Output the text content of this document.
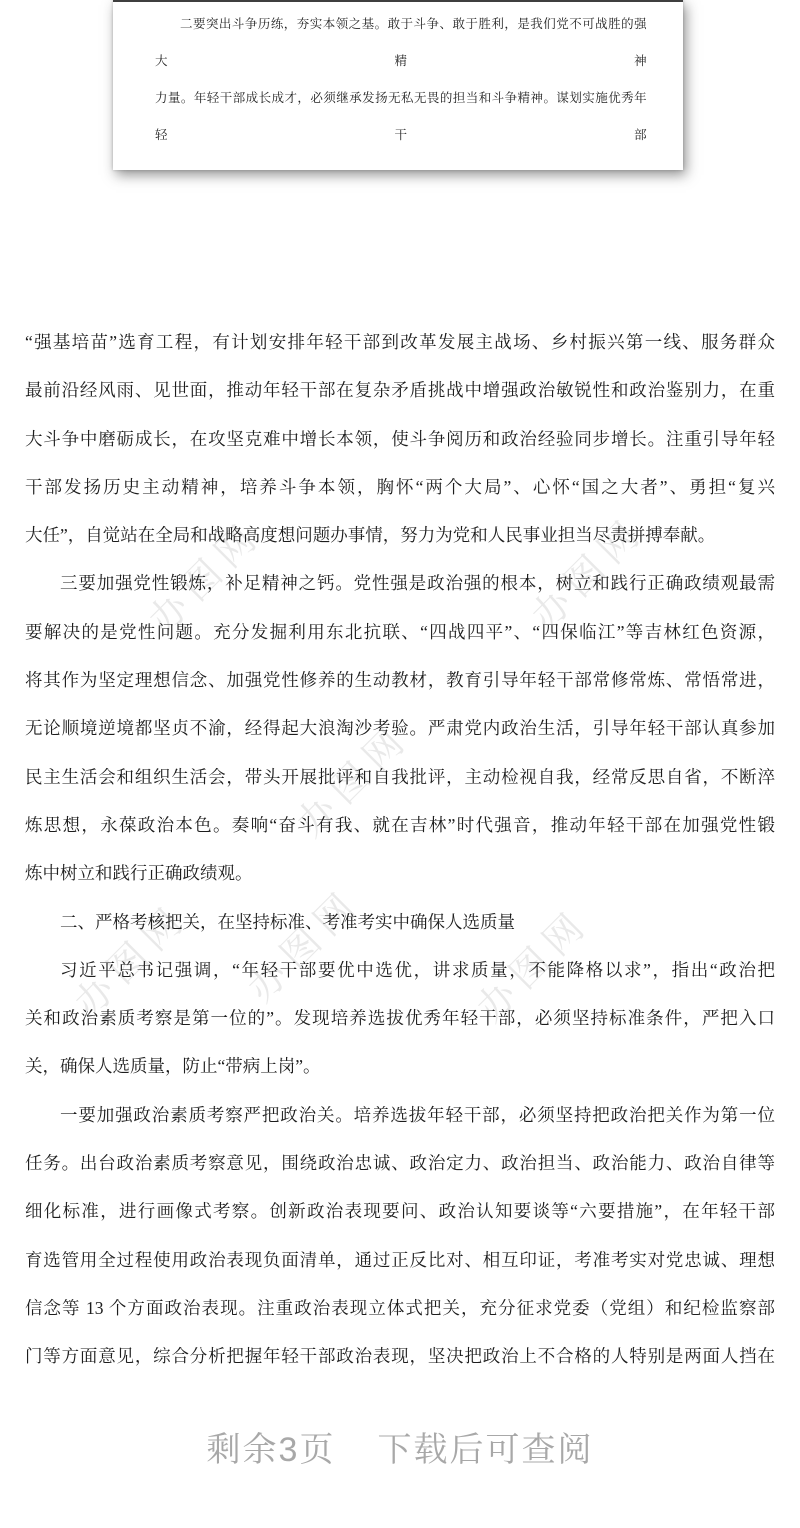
二要突出斗争历练，夯实本领之基。敢于斗争、敢于胜利，是我们党不可战胜的强大精神
力量。年轻干部成长成才，必须继承发扬无私无畏的担当和斗争精神。谋划实施优秀年轻干部
办图网	办图网
办图网
办图网 办图网	办图网
“强基培苗”选育工程，有计划安排年轻干部到改革发展主战场、乡村振兴第一线、服务群众
最前沿经风雨、见世面，推动年轻干部在复杂矛盾挑战中增强政治敏锐性和政治鉴别力，在重
大斗争中磨砺成长，在攻坚克难中增长本领，使斗争阅历和政治经验同步增长。注重引导年轻
干部发扬历史主动精神，培养斗争本领，胸怀“两个大局”、心怀“国之大者”、勇担“复兴
大任”，自觉站在全局和战略高度想问题办事情，努力为党和人民事业担当尽责拼搏奉献。
三要加强党性锻炼，补足精神之钙。党性强是政治强的根本，树立和践行正确政绩观最需
要解决的是党性问题。充分发掘利用东北抗联、“四战四平”、“四保临江”等吉林红色资源，
将其作为坚定理想信念、加强党性修养的生动教材，教育引导年轻干部常修常炼、常悟常进，
无论顺境逆境都坚贞不渝，经得起大浪淘沙考验。严肃党内政治生活，引导年轻干部认真参加
民主生活会和组织生活会，带头开展批评和自我批评，主动检视自我，经常反思自省，不断淬
炼思想，永葆政治本色。奏响“奋斗有我、就在吉林”时代强音，推动年轻干部在加强党性锻
炼中树立和践行正确政绩观。
二、严格考核把关，在坚持标准、考准考实中确保人选质量
习近平总书记强调，“年轻干部要优中选优，讲求质量，不能降格以求”，指出“政治把
关和政治素质考察是第一位的”。发现培养选拔优秀年轻干部，必须坚持标准条件，严把入口
关，确保人选质量，防止“带病上岗”。
一要加强政治素质考察严把政治关。培养选拔年轻干部，必须坚持把政治把关作为第一位
任务。出台政治素质考察意见，围绕政治忠诚、政治定力、政治担当、政治能力、政治自律等
细化标准，进行画像式考察。创新政治表现要问、政治认知要谈等“六要措施”，在年轻干部
育选管用全过程使用政治表现负面清单，通过正反比对、相互印证，考准考实对党忠诚、理想
信念等 13 个方面政治表现。注重政治表现立体式把关，充分征求党委（党组）和纪检监察部
门等方面意见，综合分析把握年轻干部政治表现，坚决把政治上不合格的人特别是两面人挡在
剩余3页 下载后可查阅
